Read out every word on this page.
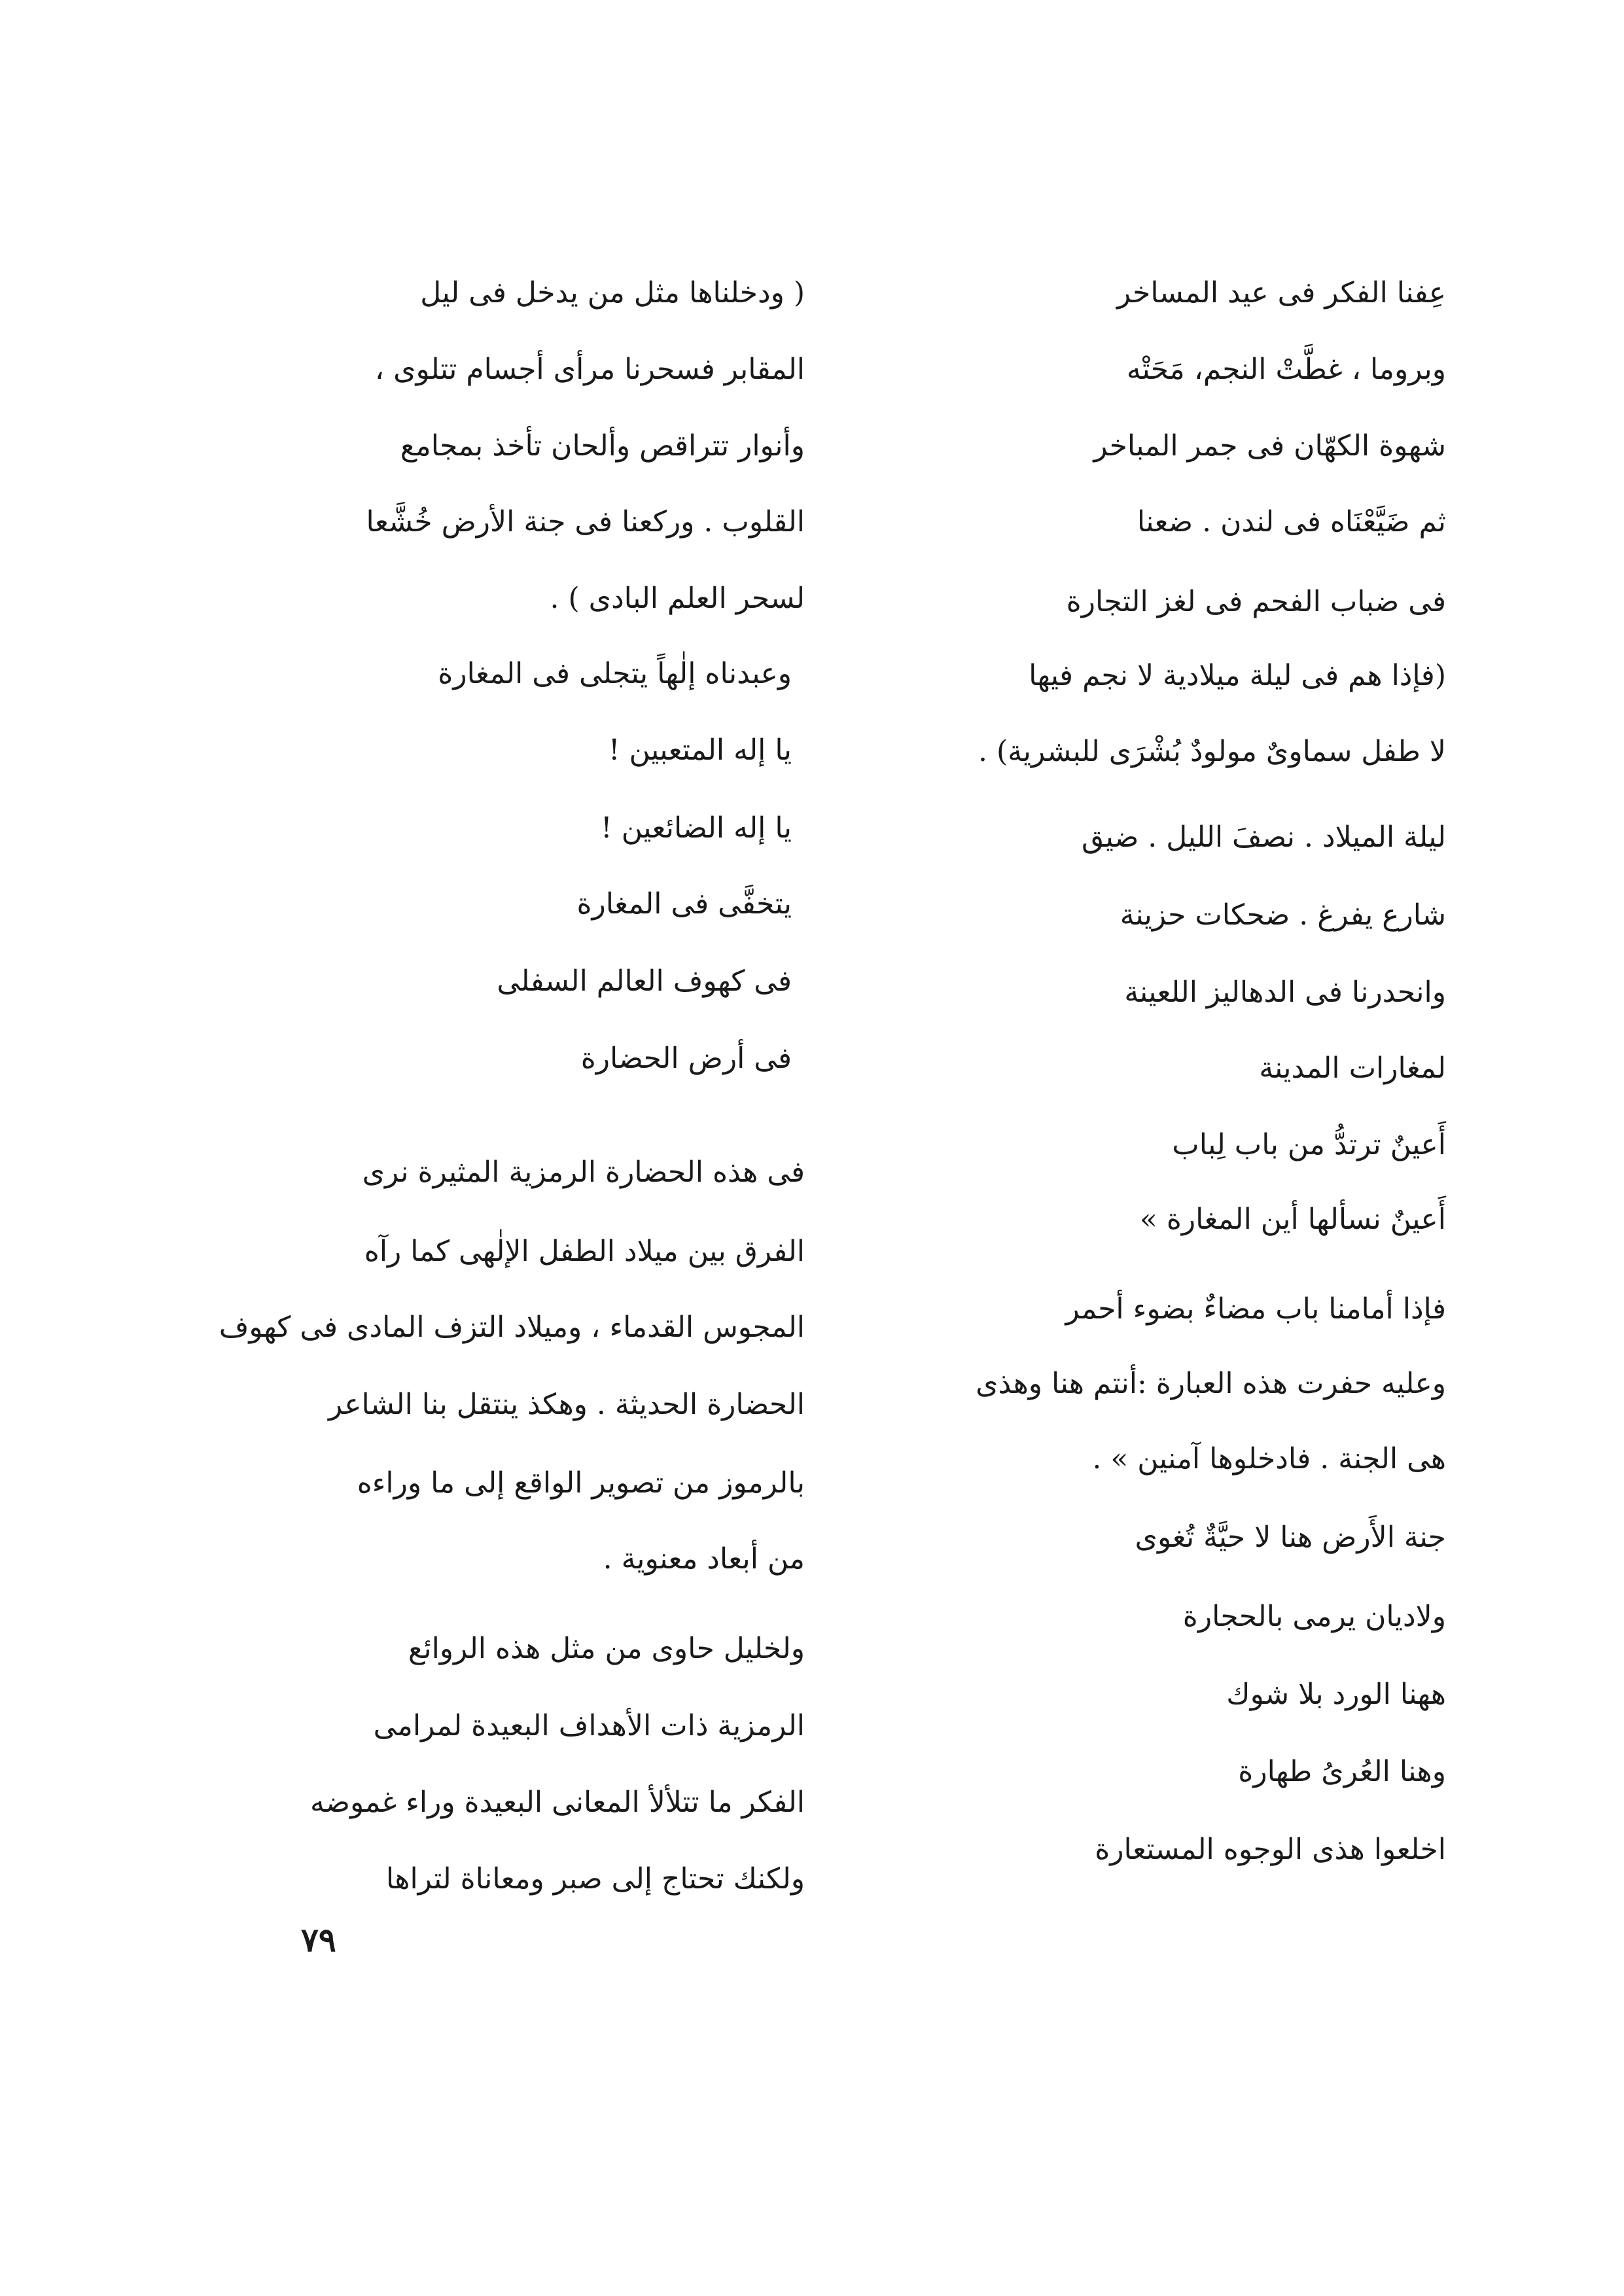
عِفنا الفكر فى عيد المساخر
وبروما ، غطَّتْ النجم، مَحَتْه
شهوة الكهّان فى جمر المباخر
ثم ضَيَّعْنَاه فى لندن . ضعنا
فى ضباب الفحم فى لغز التجارة
(فإذا هم فى ليلة ميلادية لا نجم فيها
لا طفل سماوىٌ مولودٌ بُشْرَى للبشرية) .
ليلة الميلاد . نصفَ الليل . ضيق
شارع يفرغ . ضحكات حزينة
وانحدرنا فى الدهاليز اللعينة
لمغارات المدينة
أَعينٌ ترتدُّ من باب لِباب
أَعينٌ نسألها أين المغارة »
فإذا أمامنا باب مضاءٌ بضوء أحمر
وعليه حفرت هذه العبارة :أنتم هنا وهذى
هى الجنة . فادخلوها آمنين » .
جنة الأَرض هنا لا حيَّةٌ تُغوى
ولاديان يرمى بالحجارة
ههنا الورد بلا شوك
وهنا العُرىُ طهارة
اخلعوا هذى الوجوه المستعارة
( ودخلناها مثل من يدخل فى ليل
المقابر فسحرنا مرأى أجسام تتلوى ،
وأنوار تتراقص وألحان تأخذ بمجامع
القلوب . وركعنا فى جنة الأرض خُشَّعا
لسحر العلم البادى ) .
وعبدناه إلٰهاً يتجلى فى المغارة
يا إله المتعبين !
يا إله الضائعين !
يتخفَّى فى المغارة
فى كهوف العالم السفلى
فى أرض الحضارة
فى هذه الحضارة الرمزية المثيرة نرى
الفرق بين ميلاد الطفل الإلٰهى كما رآه
المجوس القدماء ، وميلاد التزف المادى فى كهوف
الحضارة الحديثة . وهكذ ينتقل بنا الشاعر
بالرموز من تصوير الواقع إلى ما وراءه
من أبعاد معنوية .
ولخليل حاوى من مثل هذه الروائع
الرمزية ذات الأهداف البعيدة لمرامى
الفكر ما تتلألأ المعانى البعيدة وراء غموضه
ولكنك تحتاج إلى صبر ومعاناة لتراها
٧٩
